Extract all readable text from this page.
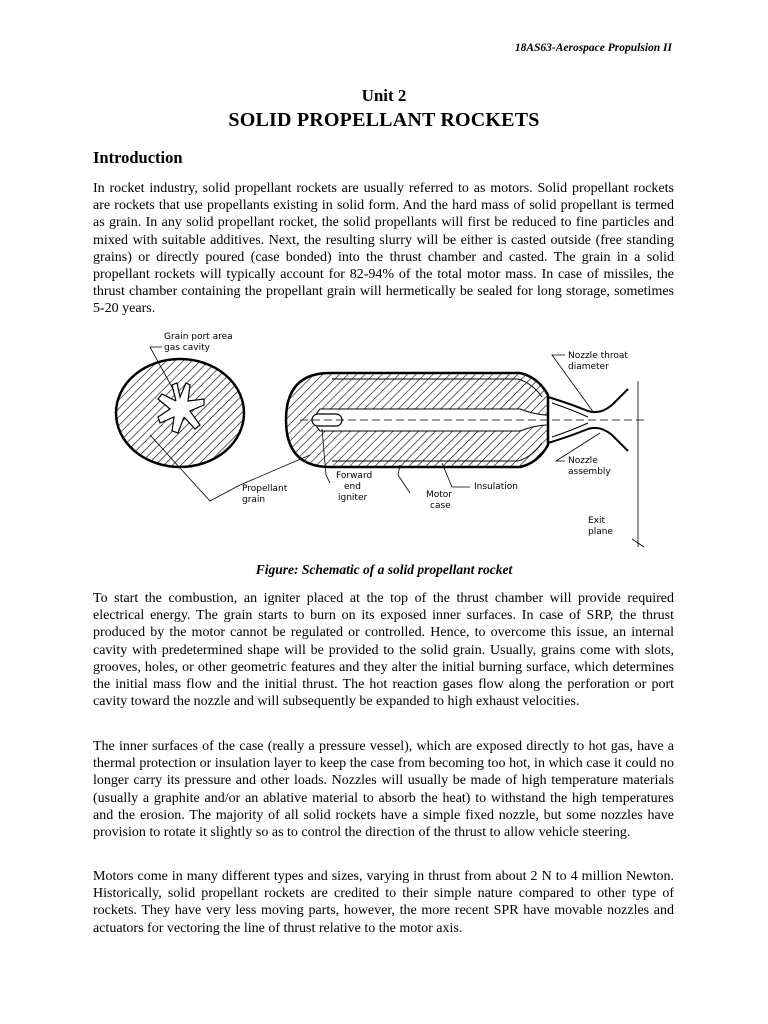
18AS63-Aerospace Propulsion II
Unit 2
SOLID PROPELLANT ROCKETS
Introduction

In rocket industry, solid propellant rockets are usually referred to as motors. Solid propellant rockets are rockets that use propellants existing in solid form. And the hard mass of solid propellant is termed as grain. In any solid propellant rocket, the solid propellants will first be reduced to fine particles and mixed with suitable additives. Next, the resulting slurry will be either is casted outside (free standing grains) or directly poured (case bonded) into the thrust chamber and casted. The grain in a solid propellant rockets will typically account for 82-94% of the total motor mass. In case of missiles, the thrust chamber containing the propellant grain will hermetically be sealed for long storage, sometimes 5-20 years.

Grain port area
gas cavity
Nozzle throat
diameter
Nozzle
assembly
Propellant
grain
Forward
end
igniter
Insulation
Motor
case
Exit
plane
Figure: Schematic of a solid propellant rocket

To start the combustion, an igniter placed at the top of the thrust chamber will provide required electrical energy. The grain starts to burn on its exposed inner surfaces. In case of SRP, the thrust produced by the motor cannot be regulated or controlled. Hence, to overcome this issue, an internal cavity with predetermined shape will be provided to the solid grain. Usually, grains come with slots, grooves, holes, or other geometric features and they alter the initial burning surface, which determines the initial mass flow and the initial thrust. The hot reaction gases flow along the perforation or port cavity toward the nozzle and will subsequently be expanded to high exhaust velocities.

The inner surfaces of the case (really a pressure vessel), which are exposed directly to hot gas, have a thermal protection or insulation layer to keep the case from becoming too hot, in which case it could no longer carry its pressure and other loads. Nozzles will usually be made of high temperature materials (usually a graphite and/or an ablative material to absorb the heat) to withstand the high temperatures and the erosion. The majority of all solid rockets have a simple fixed nozzle, but some nozzles have provision to rotate it slightly so as to control the direction of the thrust to allow vehicle steering.

Motors come in many different types and sizes, varying in thrust from about 2 N to 4 million Newton. Historically, solid propellant rockets are credited to their simple nature compared to other type of rockets. They have very less moving parts, however, the more recent SPR have movable nozzles and actuators for vectoring the line of thrust relative to the motor axis.
